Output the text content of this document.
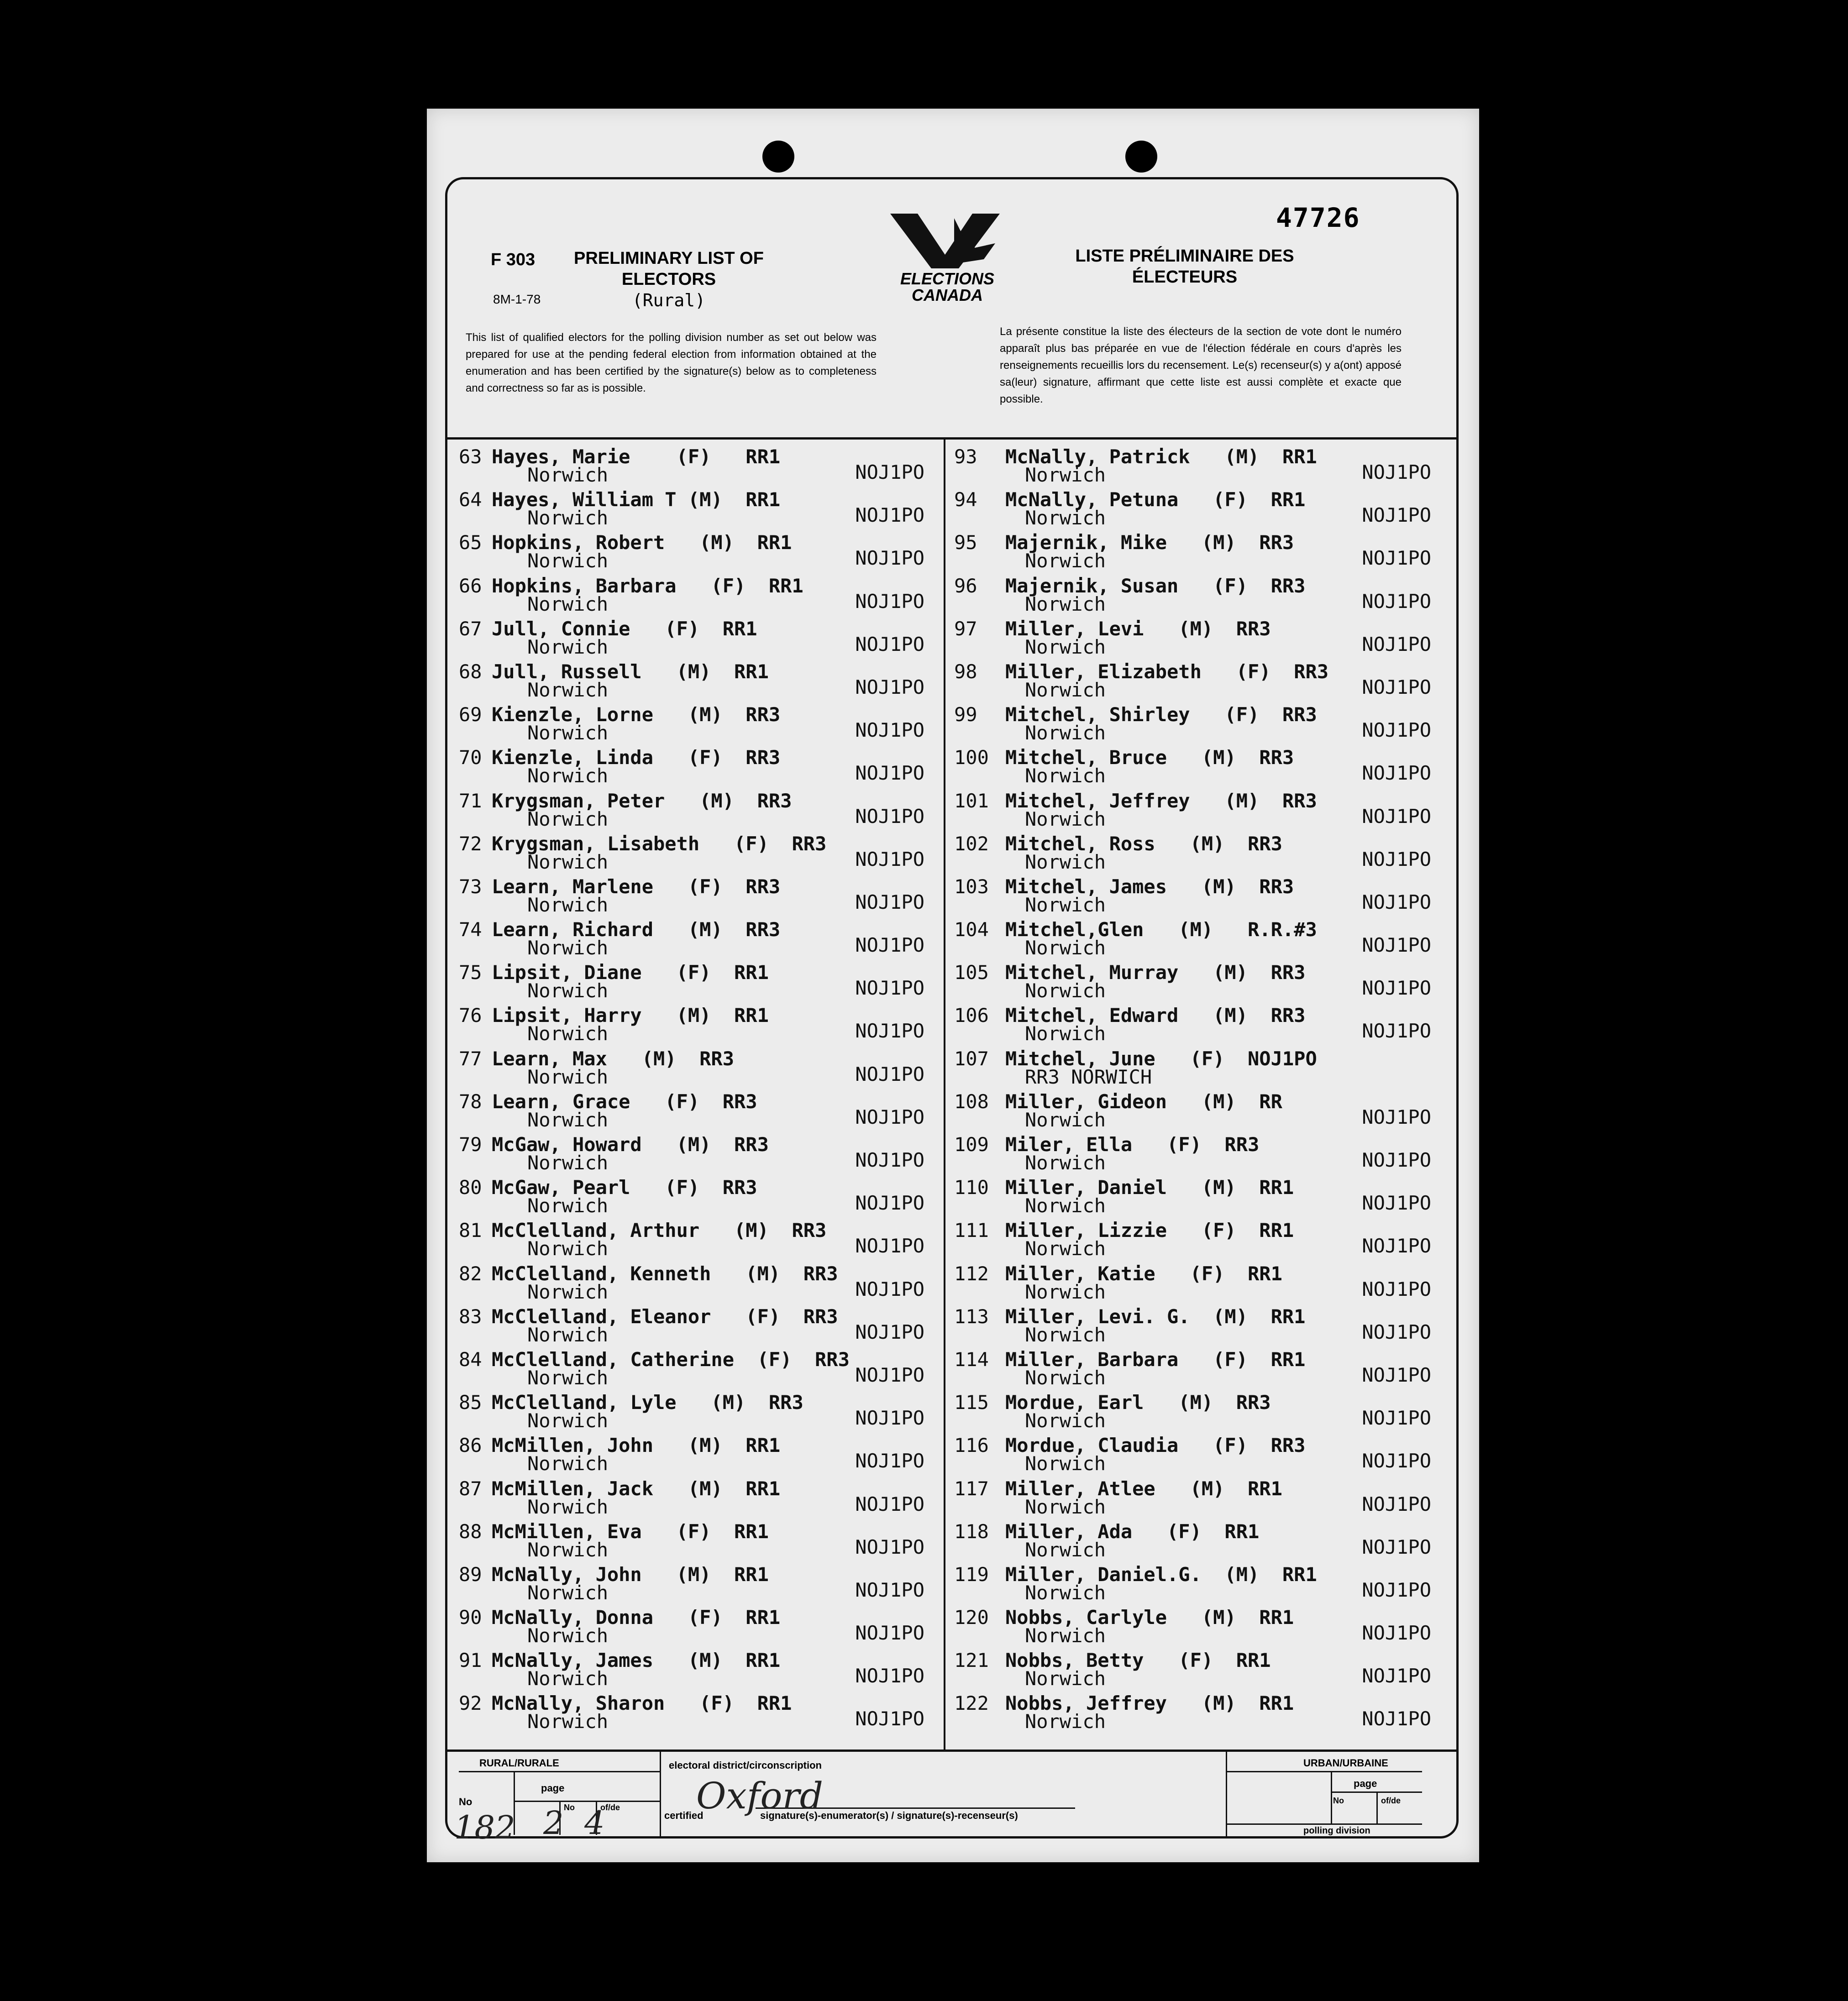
F 303
8M-1-78
PRELIMINARY LIST OF
ELECTORS
(Rural)
ELECTIONS
CANADA
47726
LISTE PRÉLIMINAIRE DES
ÉLECTEURS
This list of qualified electors for the polling division number as set out below was prepared for use at the pending federal election from information obtained at the enumeration and has been certified by the signature(s) below as to completeness and correctness so far as is possible.
La présente constitue la liste des électeurs de la section de vote dont le numéro apparaît plus bas préparée en vue de l'élection fédérale en cours d'après les renseignements recueillis lors du recensement. Le(s) recenseur(s) y a(ont) apposé sa(leur) signature, affirmant que cette liste est aussi complète et exacte que possible.
63 Hayes, Marie    (F)   RR1
Norwich	NOJ1PO
64 Hayes, William T (M)  RR1
Norwich	NOJ1PO
65 Hopkins, Robert   (M)  RR1
Norwich	NOJ1PO
66 Hopkins, Barbara   (F)  RR1
Norwich	NOJ1PO
67 Jull, Connie   (F)  RR1
Norwich	NOJ1PO
68 Jull, Russell   (M)  RR1
Norwich	NOJ1PO
69 Kienzle, Lorne   (M)  RR3
Norwich	NOJ1PO
70 Kienzle, Linda   (F)  RR3
Norwich	NOJ1PO
71 Krygsman, Peter   (M)  RR3
Norwich	NOJ1PO
72 Krygsman, Lisabeth   (F)  RR3
Norwich	NOJ1PO
73 Learn, Marlene   (F)  RR3
Norwich	NOJ1PO
74 Learn, Richard   (M)  RR3
Norwich	NOJ1PO
75 Lipsit, Diane   (F)  RR1
Norwich	NOJ1PO
76 Lipsit, Harry   (M)  RR1
Norwich	NOJ1PO
77 Learn, Max   (M)  RR3
Norwich	NOJ1PO
78 Learn, Grace   (F)  RR3
Norwich	NOJ1PO
79 McGaw, Howard   (M)  RR3
Norwich	NOJ1PO
80 McGaw, Pearl   (F)  RR3
Norwich	NOJ1PO
81 McClelland, Arthur   (M)  RR3
Norwich	NOJ1PO
82 McClelland, Kenneth   (M)  RR3
Norwich	NOJ1PO
83 McClelland, Eleanor   (F)  RR3
Norwich	NOJ1PO
84 McClelland, Catherine  (F)  RR3
Norwich	NOJ1PO
85 McClelland, Lyle   (M)  RR3
Norwich	NOJ1PO
86 McMillen, John   (M)  RR1
Norwich	NOJ1PO
87 McMillen, Jack   (M)  RR1
Norwich	NOJ1PO
88 McMillen, Eva   (F)  RR1
Norwich	NOJ1PO
89 McNally, John   (M)  RR1
Norwich	NOJ1PO
90 McNally, Donna   (F)  RR1
Norwich	NOJ1PO
91 McNally, James   (M)  RR1
Norwich	NOJ1PO
92 McNally, Sharon   (F)  RR1
Norwich	NOJ1PO
93 McNally, Patrick   (M)  RR1
Norwich	NOJ1PO
94 McNally, Petuna   (F)  RR1
Norwich	NOJ1PO
95 Majernik, Mike   (M)  RR3
Norwich	NOJ1PO
96 Majernik, Susan   (F)  RR3
Norwich	NOJ1PO
97 Miller, Levi   (M)  RR3
Norwich	NOJ1PO
98 Miller, Elizabeth   (F)  RR3
Norwich	NOJ1PO
99 Mitchel, Shirley   (F)  RR3
Norwich	NOJ1PO
100 Mitchel, Bruce   (M)  RR3
Norwich	NOJ1PO
101 Mitchel, Jeffrey   (M)  RR3
Norwich	NOJ1PO
102 Mitchel, Ross   (M)  RR3
Norwich	NOJ1PO
103 Mitchel, James   (M)  RR3
Norwich	NOJ1PO
104 Mitchel,Glen   (M)   R.R.#3
Norwich	NOJ1PO
105 Mitchel, Murray   (M)  RR3
Norwich	NOJ1PO
106 Mitchel, Edward   (M)  RR3
Norwich	NOJ1PO
107 Mitchel, June   (F)  NOJ1PO
RR3 NORWICH
108 Miller, Gideon   (M)  RR
Norwich	NOJ1PO
109 Miler, Ella   (F)  RR3
Norwich	NOJ1PO
110 Miller, Daniel   (M)  RR1
Norwich	NOJ1PO
111 Miller, Lizzie   (F)  RR1
Norwich	NOJ1PO
112 Miller, Katie   (F)  RR1
Norwich	NOJ1PO
113 Miller, Levi. G.  (M)  RR1
Norwich	NOJ1PO
114 Miller, Barbara   (F)  RR1
Norwich	NOJ1PO
115 Mordue, Earl   (M)  RR3
Norwich	NOJ1PO
116 Mordue, Claudia   (F)  RR3
Norwich	NOJ1PO
117 Miller, Atlee   (M)  RR1
Norwich	NOJ1PO
118 Miller, Ada   (F)  RR1
Norwich	NOJ1PO
119 Miller, Daniel.G.  (M)  RR1
Norwich	NOJ1PO
120 Nobbs, Carlyle   (M)  RR1
Norwich	NOJ1PO
121 Nobbs, Betty   (F)  RR1
Norwich	NOJ1PO
122 Nobbs, Jeffrey   (M)  RR1
Norwich	NOJ1PO
RURAL/RURALE
No
page
No	of/de
electoral district/circonscription
certified	signature(s)-enumerator(s) / signature(s)-recenseur(s)
URBAN/URBAINE
page
No	of/de
polling division
182 2 4
Oxford
